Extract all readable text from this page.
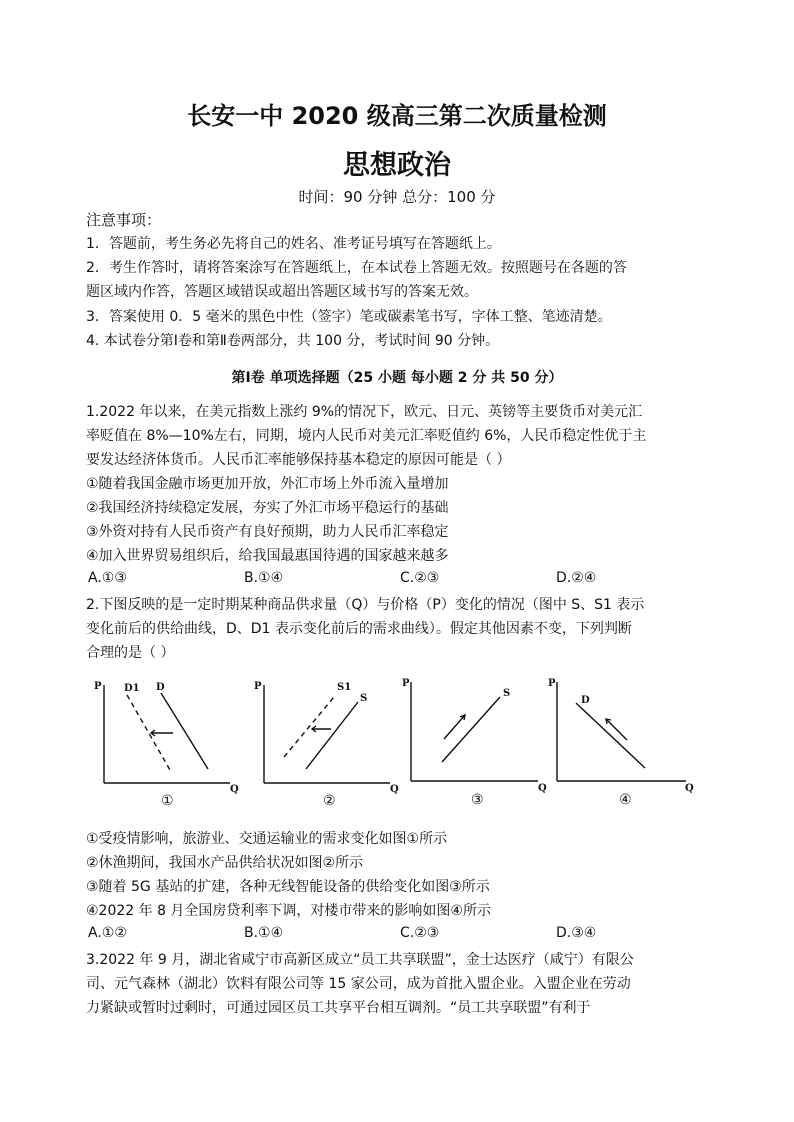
长安一中 2020 级高三第二次质量检测
思想政治
时间：90 分钟 总分：100 分
注意事项：
1．答题前，考生务必先将自己的姓名、准考证号填写在答题纸上。
2．考生作答时，请将答案涂写在答题纸上，在本试卷上答题无效。按照题号在各题的答
题区域内作答，答题区域错误或超出答题区域书写的答案无效。
3．答案使用 0．5 毫米的黑色中性（签字）笔或碳素笔书写，字体工整、笔迹清楚。
4. 本试卷分第Ⅰ卷和第Ⅱ卷两部分，共 100 分，考试时间 90 分钟。
第Ⅰ卷 单项选择题（25 小题 每小题 2 分 共 50 分）
1.2022 年以来，在美元指数上涨约 9%的情况下，欧元、日元、英镑等主要货币对美元汇
率贬值在 8%—10%左右，同期，境内人民币对美元汇率贬值约 6%，人民币稳定性优于主
要发达经济体货币。人民币汇率能够保持基本稳定的原因可能是（ ）
①随着我国金融市场更加开放，外汇市场上外币流入量增加
②我国经济持续稳定发展，夯实了外汇市场平稳运行的基础
③外资对持有人民币资产有良好预期，助力人民币汇率稳定
④加入世界贸易组织后，给我国最惠国待遇的国家越来越多
A.①③	B.①④	C.②③	D.②④
2.下图反映的是一定时期某种商品供求量（Q）与价格（P）变化的情况（图中 S、S1 表示
变化前后的供给曲线，D、D1 表示变化前后的需求曲线）。假定其他因素不变，下列判断
合理的是（ ）
P
Q
D1 D	P
Q
S1
S
P
Q
S
P
Q
D
①	②	③	④
①受疫情影响，旅游业、交通运输业的需求变化如图①所示
②休渔期间，我国水产品供给状况如图②所示
③随着 5G 基站的扩建，各种无线智能设备的供给变化如图③所示
④2022 年 8 月全国房贷利率下调，对楼市带来的影响如图④所示
A.①②	B.①④	C.②③	D.③④
3.2022 年 9 月，湖北省咸宁市高新区成立“员工共享联盟”，金士达医疗（咸宁）有限公
司、元气森林（湖北）饮料有限公司等 15 家公司，成为首批入盟企业。入盟企业在劳动
力紧缺或暂时过剩时，可通过园区员工共享平台相互调剂。“员工共享联盟”有利于
